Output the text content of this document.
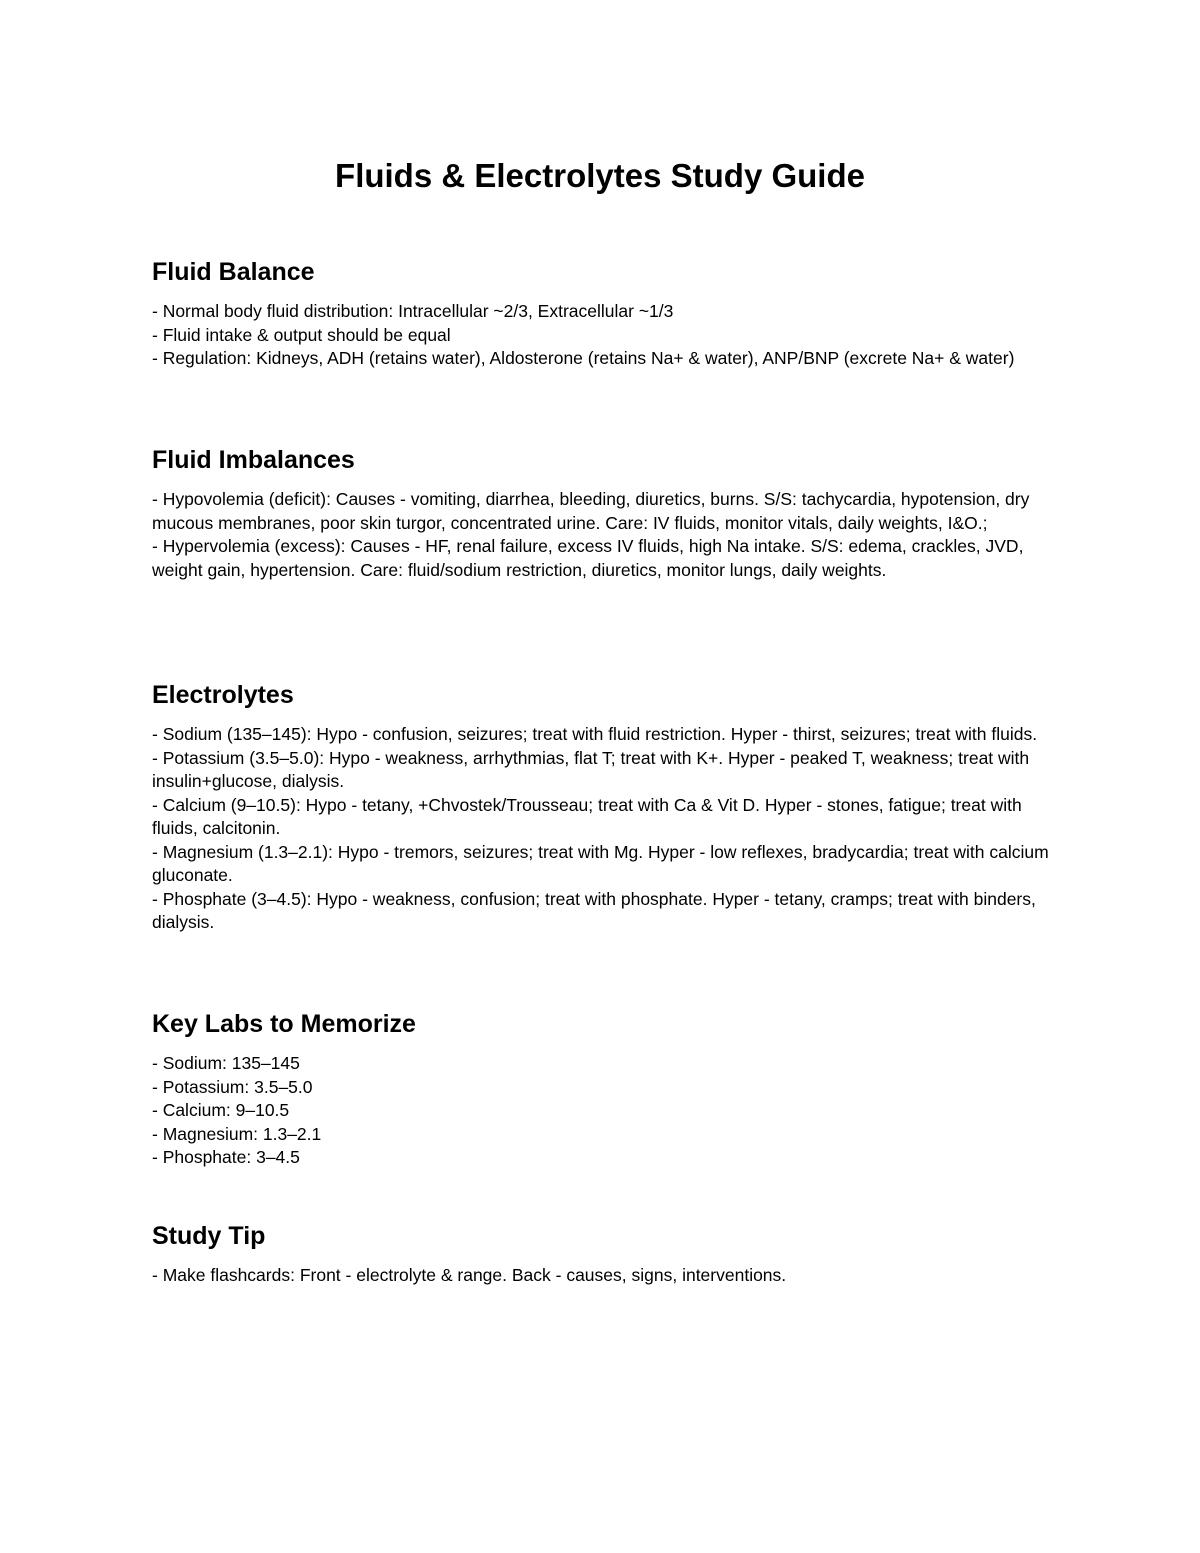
Fluids & Electrolytes Study Guide
Fluid Balance

- Normal body fluid distribution: Intracellular ~2/3, Extracellular ~1/3

- Fluid intake & output should be equal

- Regulation: Kidneys, ADH (retains water), Aldosterone (retains Na+ & water), ANP/BNP (excrete Na+ & water)

Fluid Imbalances

- Hypovolemia (deficit): Causes - vomiting, diarrhea, bleeding, diuretics, burns. S/S: tachycardia, hypotension, dry mucous membranes, poor skin turgor, concentrated urine. Care: IV fluids, monitor vitals, daily weights, I&O.;

- Hypervolemia (excess): Causes - HF, renal failure, excess IV fluids, high Na intake. S/S: edema, crackles, JVD, weight gain, hypertension. Care: fluid/sodium restriction, diuretics, monitor lungs, daily weights.

Electrolytes

- Sodium (135–145): Hypo - confusion, seizures; treat with fluid restriction. Hyper - thirst, seizures; treat with fluids.

- Potassium (3.5–5.0): Hypo - weakness, arrhythmias, flat T; treat with K+. Hyper - peaked T, weakness; treat with insulin+glucose, dialysis.

- Calcium (9–10.5): Hypo - tetany, +Chvostek/Trousseau; treat with Ca & Vit D. Hyper - stones, fatigue; treat with fluids, calcitonin.

- Magnesium (1.3–2.1): Hypo - tremors, seizures; treat with Mg. Hyper - low reflexes, bradycardia; treat with calcium gluconate.

- Phosphate (3–4.5): Hypo - weakness, confusion; treat with phosphate. Hyper - tetany, cramps; treat with binders, dialysis.

Key Labs to Memorize

- Sodium: 135–145

- Potassium: 3.5–5.0

- Calcium: 9–10.5

- Magnesium: 1.3–2.1

- Phosphate: 3–4.5

Study Tip

- Make flashcards: Front - electrolyte & range. Back - causes, signs, interventions.
